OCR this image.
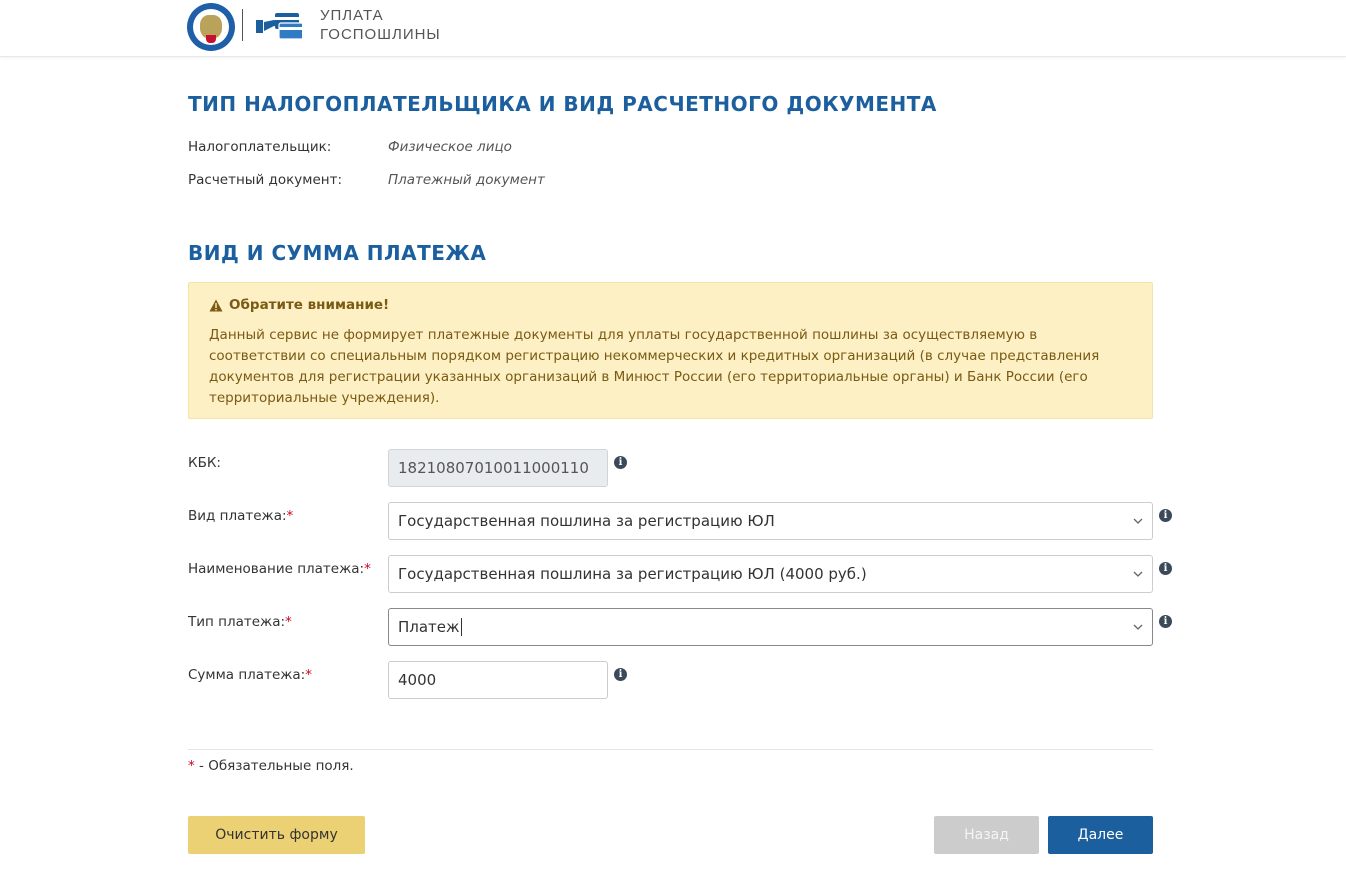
УПЛАТА
ГОСПОШЛИНЫ
ТИП НАЛОГОПЛАТЕЛЬЩИКА И ВИД РАСЧЕТНОГО ДОКУМЕНТА
Налогоплательщик:	Физическое лицо
Расчетный документ:	Платежный документ
ВИД И СУММА ПЛАТЕЖА
Обратите внимание!

Данный сервис не формирует платежные документы для уплаты государственной пошлины за осуществляемую в соответствии со специальным порядком регистрацию некоммерческих и кредитных организаций (в случае представления документов для регистрации указанных организаций в Минюст России (его территориальные органы) и Банк России (его территориальные учреждения).

КБК:	18210807010011000110	i
Вид платежа:*	Государственная пошлина за регистрацию ЮЛ	i
Наименование платежа:* Государственная пошлина за регистрацию ЮЛ (4000 руб.)	i
Тип платежа:*	Платеж	i
Сумма платежа:*
4000	i
* - Обязательные поля.
Очистить форму	Назад	Далее
